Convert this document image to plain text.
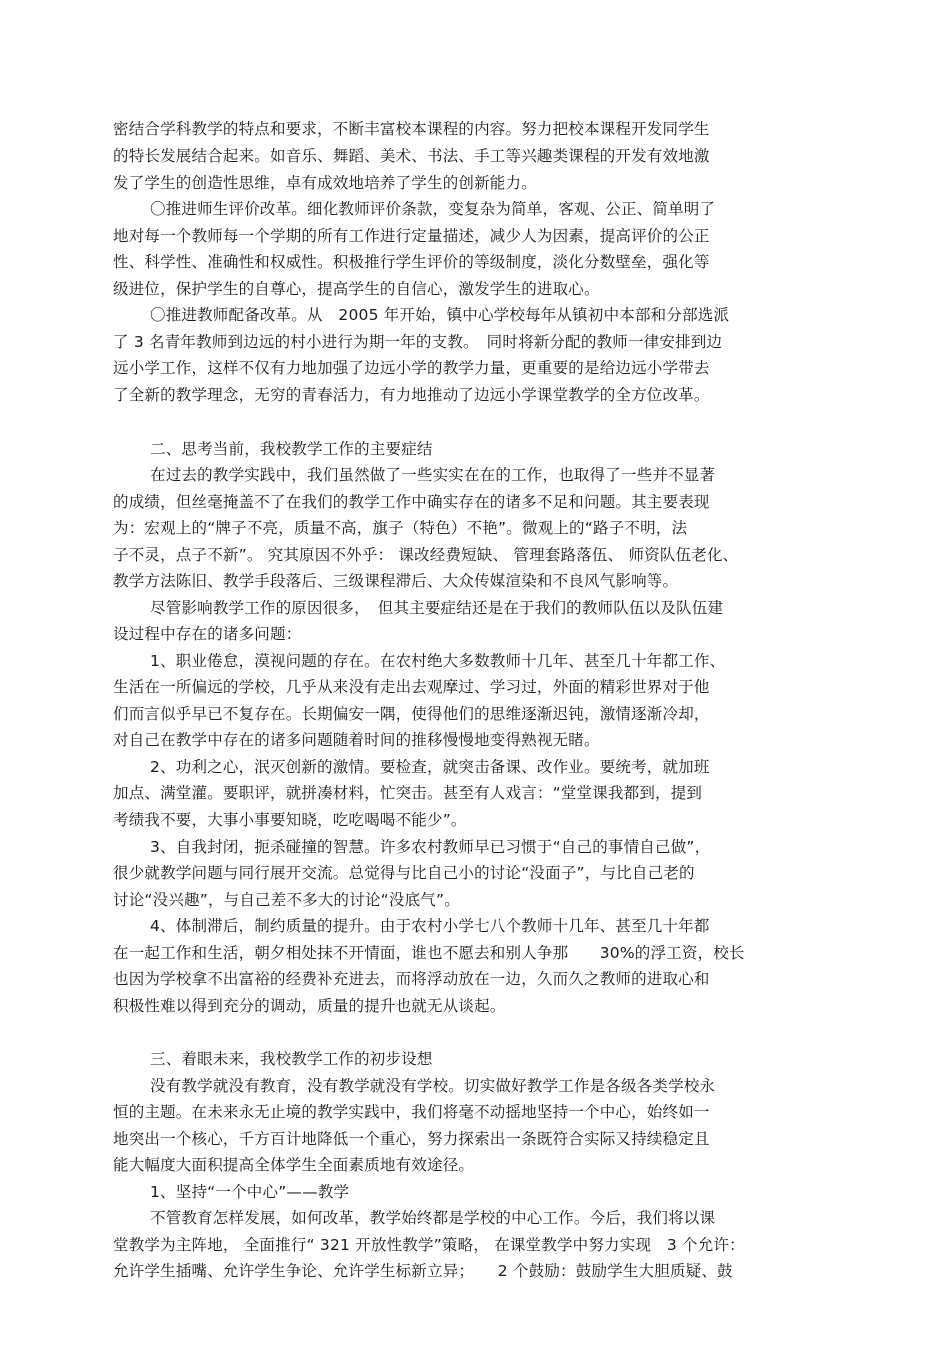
密结合学科教学的特点和要求，不断丰富校本课程的内容。努力把校本课程开发同学生
的特长发展结合起来。如音乐、舞蹈、美术、书法、手工等兴趣类课程的开发有效地激
发了学生的创造性思维，卓有成效地培养了学生的创新能力。
〇推进师生评价改革。细化教师评价条款，变复杂为简单，客观、公正、简单明了
地对每一个教师每一个学期的所有工作进行定量描述，减少人为因素，提高评价的公正
性、科学性、准确性和权威性。积极推行学生评价的等级制度，淡化分数壁垒，强化等
级进位，保护学生的自尊心，提高学生的自信心，激发学生的进取心。
〇推进教师配备改革。从　2005 年开始，镇中心学校每年从镇初中本部和分部选派
了 3 名青年教师到边远的村小进行为期一年的支教。　同时将新分配的教师一律安排到边
远小学工作，这样不仅有力地加强了边远小学的教学力量，更重要的是给边远小学带去
了全新的教学理念，无穷的青春活力，有力地推动了边远小学课堂教学的全方位改革。
二、思考当前，我校教学工作的主要症结
在过去的教学实践中，我们虽然做了一些实实在在的工作，也取得了一些并不显著
的成绩，但丝毫掩盖不了在我们的教学工作中确实存在的诸多不足和问题。其主要表现
为：宏观上的“牌子不亮，质量不高，旗子（特色）不艳”。微观上的“路子不明，法
子不灵，点子不新”。 究其原因不外乎： 课改经费短缺、 管理套路落伍、 师资队伍老化、
教学方法陈旧、教学手段落后、三级课程滞后、大众传媒渲染和不良风气影响等。
尽管影响教学工作的原因很多，　但其主要症结还是在于我们的教师队伍以及队伍建
设过程中存在的诸多问题：
1、职业倦怠，漠视问题的存在。在农村绝大多数教师十几年、甚至几十年都工作、
生活在一所偏远的学校，几乎从来没有走出去观摩过、学习过，外面的精彩世界对于他
们而言似乎早已不复存在。长期偏安一隅，使得他们的思维逐渐迟钝，激情逐渐冷却，
对自己在教学中存在的诸多问题随着时间的推移慢慢地变得熟视无睹。
2、功利之心，泯灭创新的激情。要检查，就突击备课、改作业。要统考，就加班
加点、满堂灌。要职评，就拼凑材料，忙突击。甚至有人戏言：“堂堂课我都到，提到
考绩我不要，大事小事要知晓，吃吃喝喝不能少”。
3、自我封闭，扼杀碰撞的智慧。许多农村教师早已习惯于“自己的事情自己做”，
很少就教学问题与同行展开交流。总觉得与比自己小的讨论“没面子”，与比自己老的
讨论“没兴趣”，与自己差不多大的讨论“没底气”。
4、体制滞后，制约质量的提升。由于农村小学七八个教师十几年、甚至几十年都
在一起工作和生活，朝夕相处抹不开情面，谁也不愿去和别人争那　　30%的浮工资，校长
也因为学校拿不出富裕的经费补充进去，而将浮动放在一边，久而久之教师的进取心和
积极性难以得到充分的调动，质量的提升也就无从谈起。
三、着眼未来，我校教学工作的初步设想
没有教学就没有教育，没有教学就没有学校。切实做好教学工作是各级各类学校永
恒的主题。在未来永无止境的教学实践中，我们将毫不动摇地坚持一个中心，始终如一
地突出一个核心，千方百计地降低一个重心，努力探索出一条既符合实际又持续稳定且
能大幅度大面积提高全体学生全面素质地有效途径。
1、坚持“一个中心”——教学
不管教育怎样发展，如何改革，教学始终都是学校的中心工作。今后，我们将以课
堂教学为主阵地， 全面推行“ 321 开放性教学”策略， 在课堂教学中努力实现　3 个允许：
允许学生插嘴、允许学生争论、允许学生标新立异；　　2 个鼓励：鼓励学生大胆质疑、鼓
